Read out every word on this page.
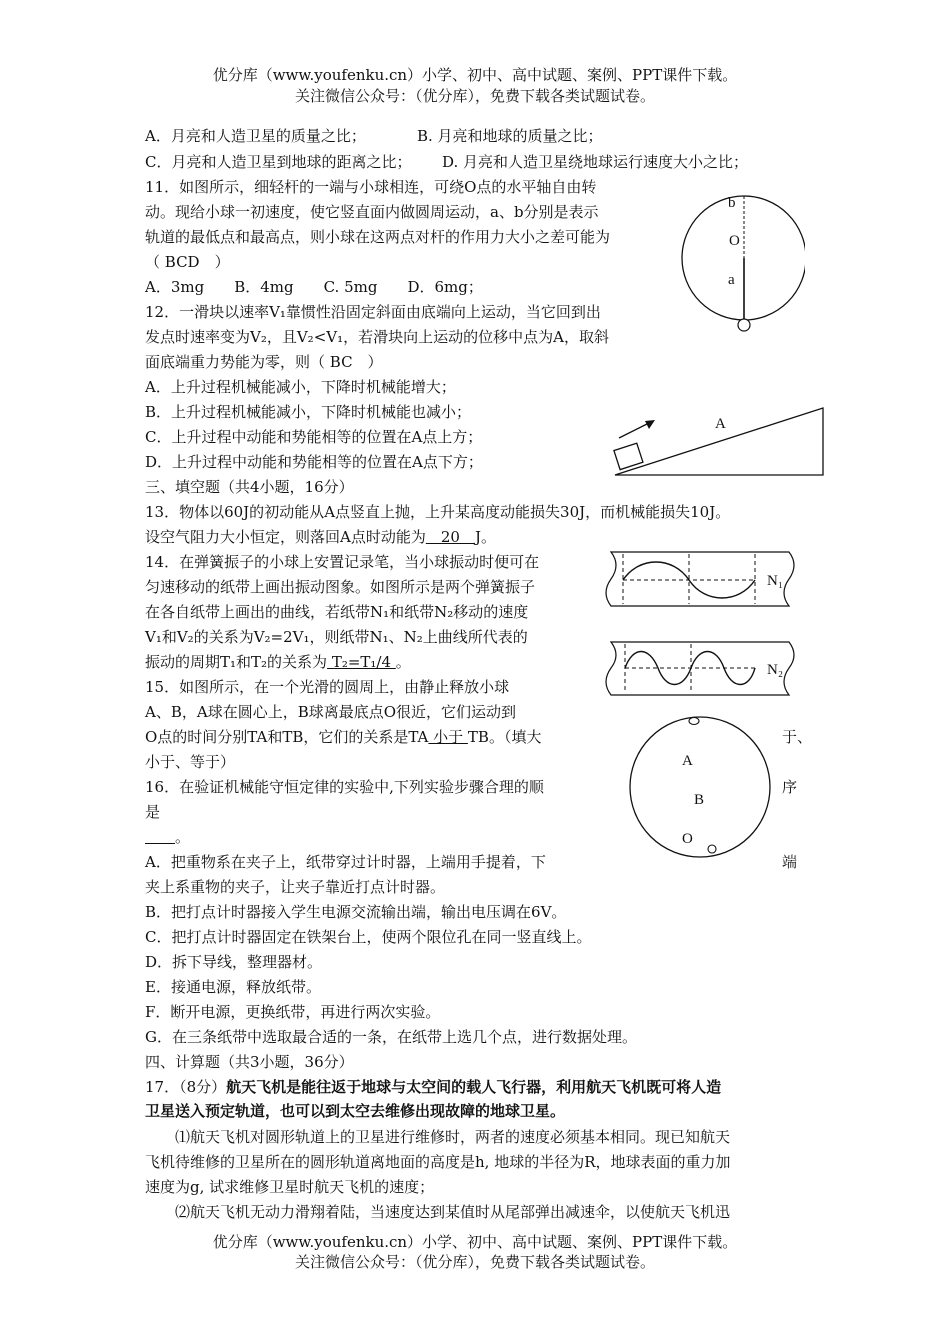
优分库（www.youfenku.cn）小学、初中、高中试题、案例、PPT课件下载。
关注微信公众号：（优分库），免费下载各类试题试卷。
A．月亮和人造卫星的质量之比；	B. 月亮和地球的质量之比；
C．月亮和人造卫星到地球的距离之比； D. 月亮和人造卫星绕地球运行速度大小之比；
11．如图所示，细轻杆的一端与小球相连，可绕O点的水平轴自由转
动。现给小球一初速度，使它竖直面内做圆周运动，a、b分别是表示
轨道的最低点和最高点，则小球在这两点对杆的作用力大小之差可能为
（ BCD　）
A．3mg　　B．4mg　　C. 5mg　　D．6mg；
b
O
a
12．一滑块以速率V₁靠惯性沿固定斜面由底端向上运动，当它回到出
发点时速率变为V₂，且V₂<V₁，若滑块向上运动的位移中点为A，取斜
面底端重力势能为零，则（ BC　）
A．上升过程机械能减小，下降时机械能增大；
B．上升过程机械能减小，下降时机械能也减小；
C．上升过程中动能和势能相等的位置在A点上方；
D．上升过程中动能和势能相等的位置在A点下方；
A
三、填空题（共4小题，16分）
13．物体以60J的初动能从A点竖直上抛，上升某高度动能损失30J，而机械能损失10J。
设空气阻力大小恒定，则落回A点时动能为　20　J。
14．在弹簧振子的小球上安置记录笔，当小球振动时便可在
匀速移动的纸带上画出振动图象。如图所示是两个弹簧振子
在各自纸带上画出的曲线，若纸带N₁和纸带N₂移动的速度
V₁和V₂的关系为V₂=2V₁，则纸带N₁、N₂上曲线所代表的
振动的周期T₁和T₂的关系为 T₂=T₁/4 。
N₁
N₂
15．如图所示，在一个光滑的圆周上，由静止释放小球
A、B，A球在圆心上，B球离最底点O很近，它们运动到
O点的时间分别TA和TB，它们的关系是TA 小于 TB。（填大	于、
小于、等于）	A
B
O
16．在验证机械能守恒定律的实验中,下列实验步骤合理的顺	序
是
　　。
A．把重物系在夹子上，纸带穿过计时器，上端用手提着，下	端
夹上系重物的夹子，让夹子靠近打点计时器。
B．把打点计时器接入学生电源交流输出端，输出电压调在6V。
C．把打点计时器固定在铁架台上，使两个限位孔在同一竖直线上。
D．拆下导线，整理器材。
E．接通电源，释放纸带。
F．断开电源，更换纸带，再进行两次实验。
G．在三条纸带中选取最合适的一条，在纸带上选几个点，进行数据处理。
四、计算题（共3小题，36分）
17．（8分）航天飞机是能往返于地球与太空间的载人飞行器，利用航天飞机既可将人造
卫星送入预定轨道，也可以到太空去维修出现故障的地球卫星。
⑴航天飞机对圆形轨道上的卫星进行维修时，两者的速度必须基本相同。现已知航天
飞机待维修的卫星所在的圆形轨道离地面的高度是h, 地球的半径为R，地球表面的重力加
速度为g, 试求维修卫星时航天飞机的速度；
⑵航天飞机无动力滑翔着陆，当速度达到某值时从尾部弹出减速伞，以使航天飞机迅
优分库（www.youfenku.cn）小学、初中、高中试题、案例、PPT课件下载。
关注微信公众号：（优分库），免费下载各类试题试卷。
